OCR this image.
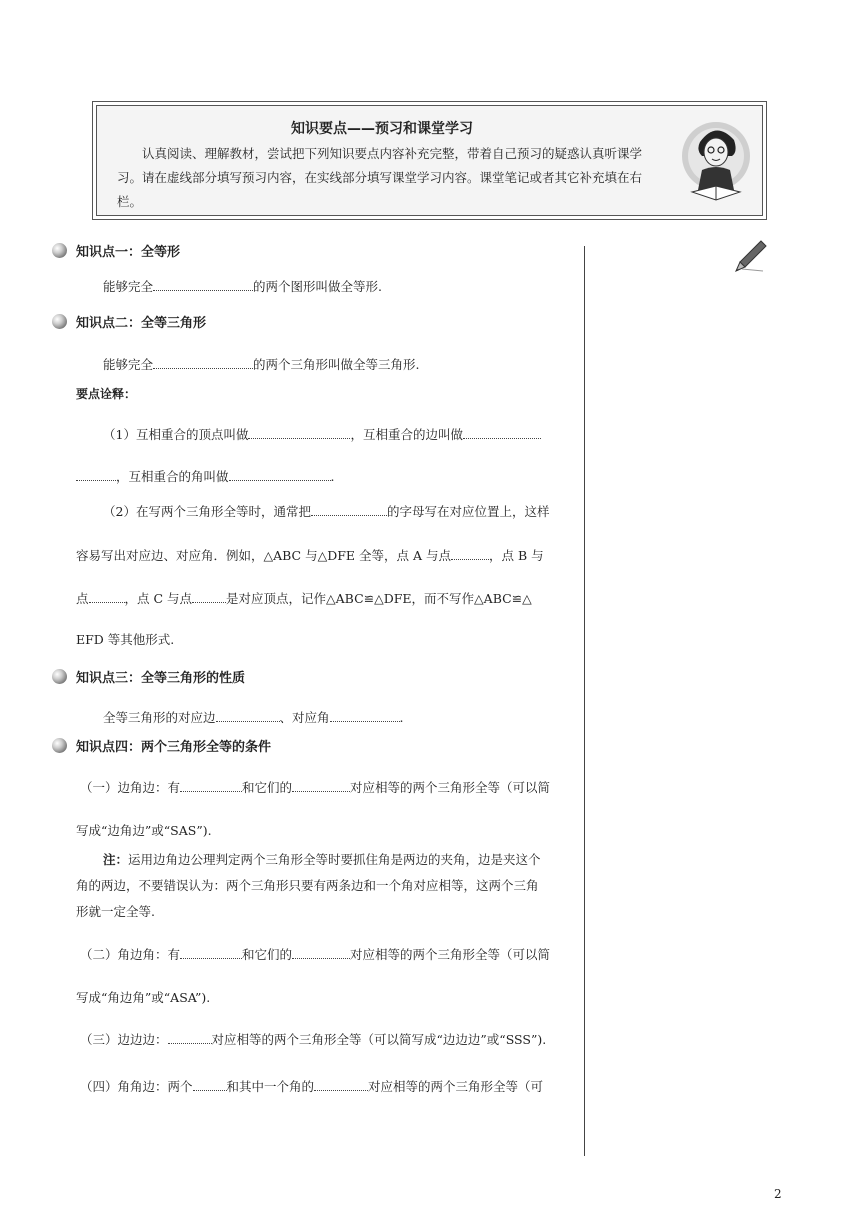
知识要点——预习和课堂学习
认真阅读、理解教材，尝试把下列知识要点内容补充完整，带着自己预习的疑惑认真听课学习。请在虚线部分填写预习内容，在实线部分填写课堂学习内容。课堂笔记或者其它补充填在右栏。
知识点一：全等形
能够完全	的两个图形叫做全等形.
知识点二：全等三角形
能够完全	的两个三角形叫做全等三角形.
要点诠释：
（1）互相重合的顶点叫做	，互相重合的边叫做
，互相重合的角叫做	.
（2）在写两个三角形全等时，通常把	的字母写在对应位置上，这样
容易写出对应边、对应角．例如，△ABC 与△DFE 全等，点 A 与点	，点 B 与
点	，点 C 与点	是对应顶点，记作△ABC≌△DFE，而不写作△ABC≌△
EFD 等其他形式.
知识点三：全等三角形的性质
全等三角形的对应边	、对应角	.
知识点四：两个三角形全等的条件
（一）边角边：有	和它们的	对应相等的两个三角形全等（可以简
写成“边角边”或“SAS”).
注：运用边角边公理判定两个三角形全等时要抓住角是两边的夹角，边是夹这个
角的两边，不要错误认为：两个三角形只要有两条边和一个角对应相等，这两个三角
形就一定全等.
（二）角边角：有	和它们的	对应相等的两个三角形全等（可以简
写成“角边角”或“ASA”).
（三）边边边：	对应相等的两个三角形全等（可以简写成“边边边”或“SSS”).
（四）角角边：两个	和其中一个角的	对应相等的两个三角形全等（可
2
